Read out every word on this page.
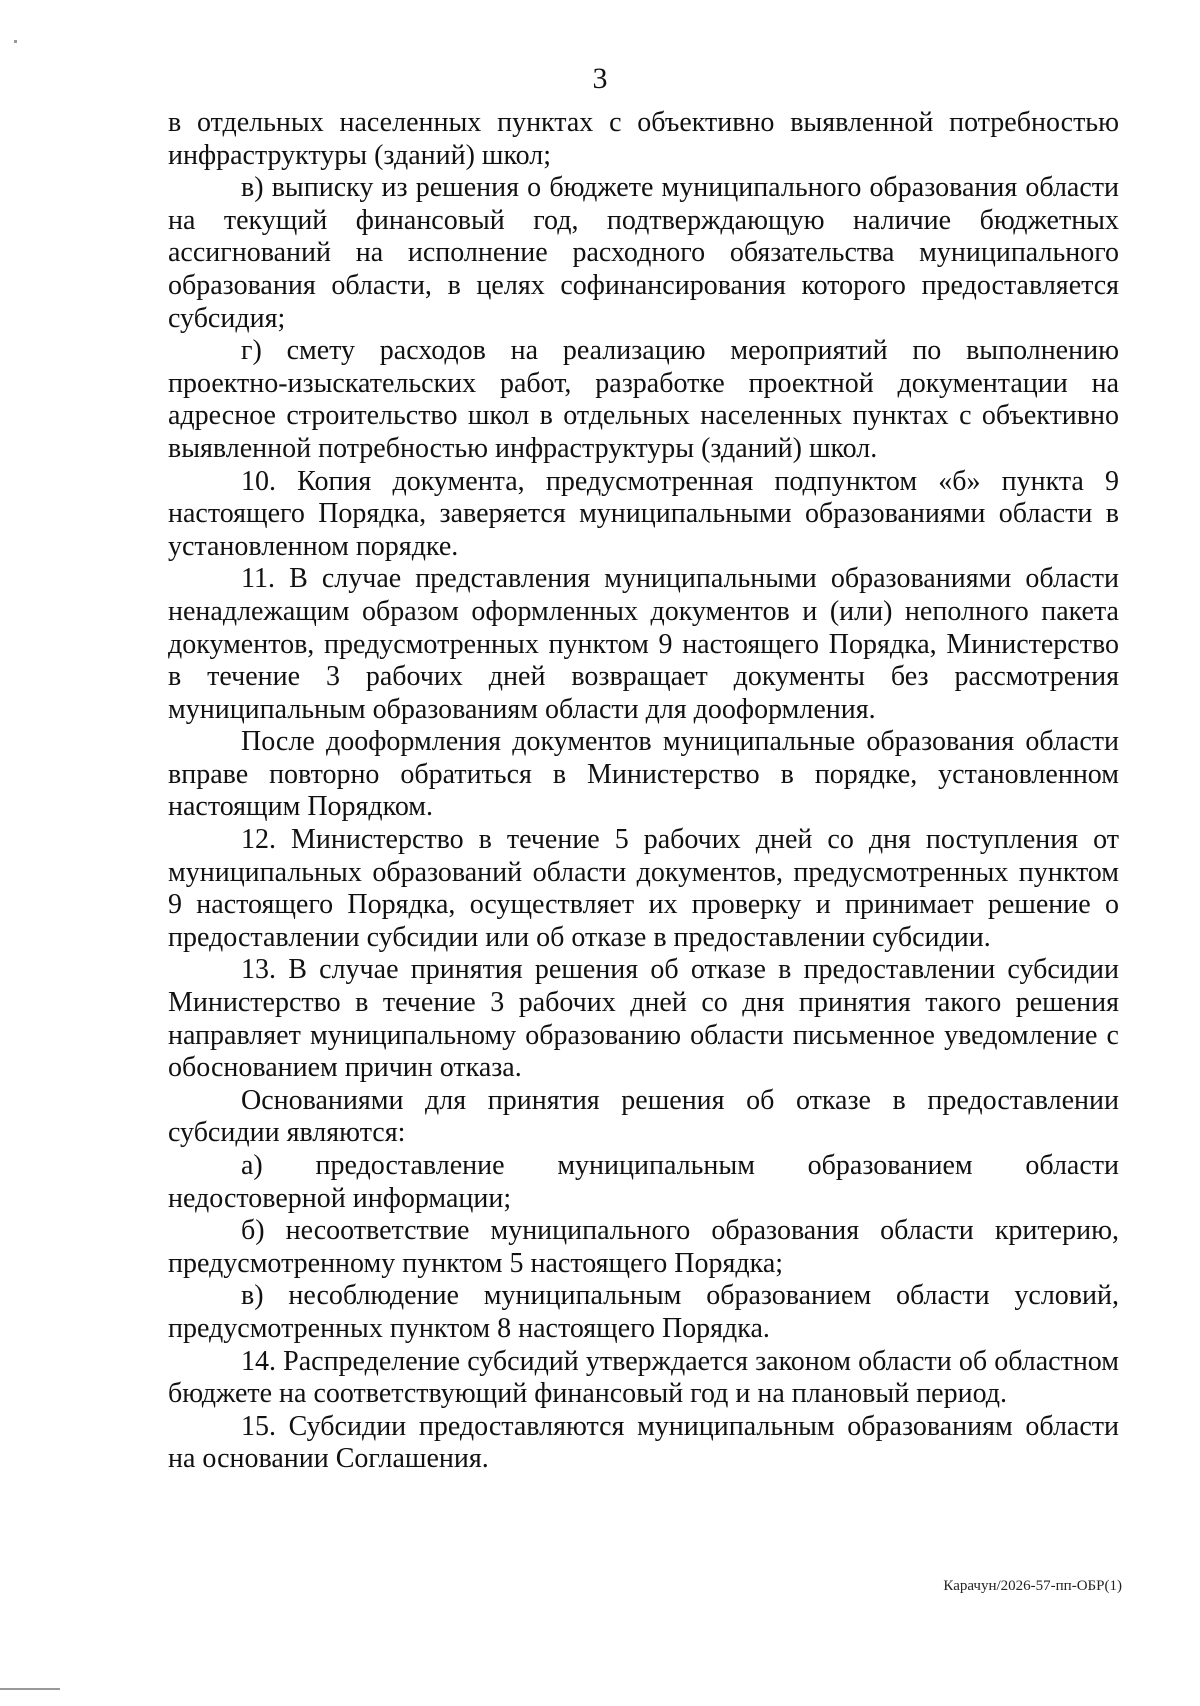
3

в отдельных населенных пунктах с объективно выявленной потребностью инфраструктуры (зданий) школ;

в) выписку из решения о бюджете муниципального образования области на текущий финансовый год, подтверждающую наличие бюджетных ассигнований на исполнение расходного обязательства муниципального образования области, в целях софинансирования которого предоставляется субсидия;

г) смету расходов на реализацию мероприятий по выполнению проектно-изыскательских работ, разработке проектной документации на адресное строительство школ в отдельных населенных пунктах с объективно выявленной потребностью инфраструктуры (зданий) школ.

10. Копия документа, предусмотренная подпунктом «б» пункта 9 настоящего Порядка, заверяется муниципальными образованиями области в установленном порядке.

11. В случае представления муниципальными образованиями области ненадлежащим образом оформленных документов и (или) неполного пакета документов, предусмотренных пунктом 9 настоящего Порядка, Министерство в течение 3 рабочих дней возвращает документы без рассмотрения муниципальным образованиям области для дооформления.

После дооформления документов муниципальные образования области вправе повторно обратиться в Министерство в порядке, установленном настоящим Порядком.

12. Министерство в течение 5 рабочих дней со дня поступления от муниципальных образований области документов, предусмотренных пунктом 9 настоящего Порядка, осуществляет их проверку и принимает решение о предоставлении субсидии или об отказе в предоставлении субсидии.

13. В случае принятия решения об отказе в предоставлении субсидии Министерство в течение 3 рабочих дней со дня принятия такого решения направляет муниципальному образованию области письменное уведомление с обоснованием причин отказа.

Основаниями для принятия решения об отказе в предоставлении субсидии являются:

а) предоставление муниципальным образованием области недостоверной информации;

б) несоответствие муниципального образования области критерию, предусмотренному пунктом 5 настоящего Порядка;

в) несоблюдение муниципальным образованием области условий, предусмотренных пунктом 8 настоящего Порядка.

14. Распределение субсидий утверждается законом области об областном бюджете на соответствующий финансовый год и на плановый период.

15. Субсидии предоставляются муниципальным образованиям области на основании Соглашения.

Карачун/2026-57-пп-ОБР(1)
